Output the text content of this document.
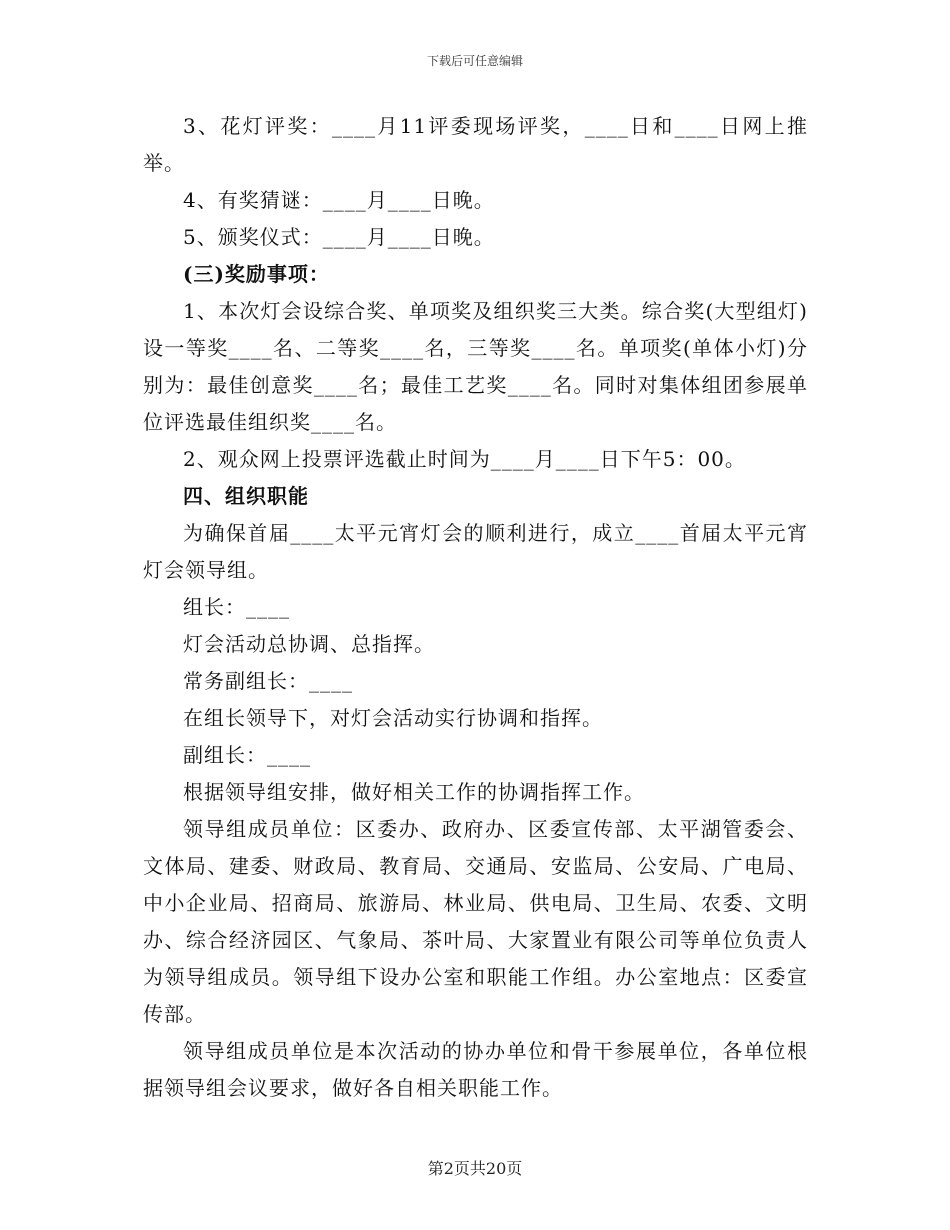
下载后可任意编辑

3、花灯评奖：____月11评委现场评奖，____日和____日网上推举。

4、有奖猜谜：____月____日晚。

5、颁奖仪式：____月____日晚。

(三)奖励事项：

1、本次灯会设综合奖、单项奖及组织奖三大类。综合奖(大型组灯)设一等奖____名、二等奖____名，三等奖____名。单项奖(单体小灯)分别为：最佳创意奖____名；最佳工艺奖____名。同时对集体组团参展单位评选最佳组织奖____名。

2、观众网上投票评选截止时间为____月____日下午5：00。

四、组织职能

为确保首届____太平元宵灯会的顺利进行，成立____首届太平元宵灯会领导组。

组长：____

灯会活动总协调、总指挥。

常务副组长：____

在组长领导下，对灯会活动实行协调和指挥。

副组长：____

根据领导组安排，做好相关工作的协调指挥工作。

领导组成员单位：区委办、政府办、区委宣传部、太平湖管委会、文体局、建委、财政局、教育局、交通局、安监局、公安局、广电局、中小企业局、招商局、旅游局、林业局、供电局、卫生局、农委、文明办、综合经济园区、气象局、茶叶局、大家置业有限公司等单位负责人为领导组成员。领导组下设办公室和职能工作组。办公室地点：区委宣传部。

领导组成员单位是本次活动的协办单位和骨干参展单位，各单位根据领导组会议要求，做好各自相关职能工作。

第2页共20页
